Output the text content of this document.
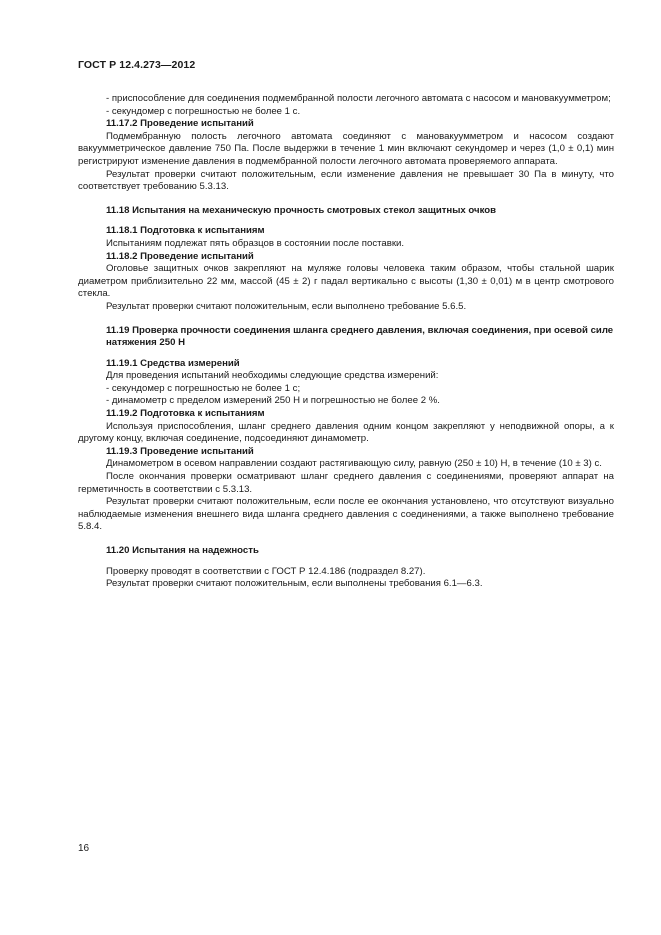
ГОСТ Р 12.4.273—2012

- приспособление для соединения подмембранной полости легочного автомата с насосом и мановакуумметром;

- секундомер с погрешностью не более 1 с.

11.17.2 Проведение испытаний

Подмембранную полость легочного автомата соединяют с мановакуумметром и насосом создают вакуумметрическое давление 750 Па. После выдержки в течение 1 мин включают секундомер и через (1,0 ± 0,1) мин регистрируют изменение давления в подмембранной полости легочного автомата проверяемого аппарата.

Результат проверки считают положительным, если изменение давления не превышает 30 Па в минуту, что соответствует требованию 5.3.13.

11.18 Испытания на механическую прочность смотровых стекол защитных очков

11.18.1 Подготовка к испытаниям

Испытаниям подлежат пять образцов в состоянии после поставки.

11.18.2 Проведение испытаний

Оголовье защитных очков закрепляют на муляже головы человека таким образом, чтобы стальной шарик диаметром приблизительно 22 мм, массой (45 ± 2) г падал вертикально с высоты (1,30 ± 0,01) м в центр смотрового стекла.

Результат проверки считают положительным, если выполнено требование 5.6.5.

11.19 Проверка прочности соединения шланга среднего давления, включая соединения, при осевой силе натяжения 250 Н

11.19.1 Средства измерений

Для проведения испытаний необходимы следующие средства измерений:

- секундомер с погрешностью не более 1 с;

- динамометр с пределом измерений 250 Н и погрешностью не более 2 %.

11.19.2 Подготовка к испытаниям

Используя приспособления, шланг среднего давления одним концом закрепляют у неподвижной опоры, а к другому концу, включая соединение, подсоединяют динамометр.

11.19.3 Проведение испытаний

Динамометром в осевом направлении создают растягивающую силу, равную (250 ± 10) Н, в течение (10 ± 3) с.

После окончания проверки осматривают шланг среднего давления с соединениями, проверяют аппарат на герметичность в соответствии с 5.3.13.

Результат проверки считают положительным, если после ее окончания установлено, что отсутствуют визуально наблюдаемые изменения внешнего вида шланга среднего давления с соединениями, а также выполнено требование 5.8.4.

11.20 Испытания на надежность

Проверку проводят в соответствии с ГОСТ Р 12.4.186 (подраздел 8.27).

Результат проверки считают положительным, если выполнены требования 6.1—6.3.

16
